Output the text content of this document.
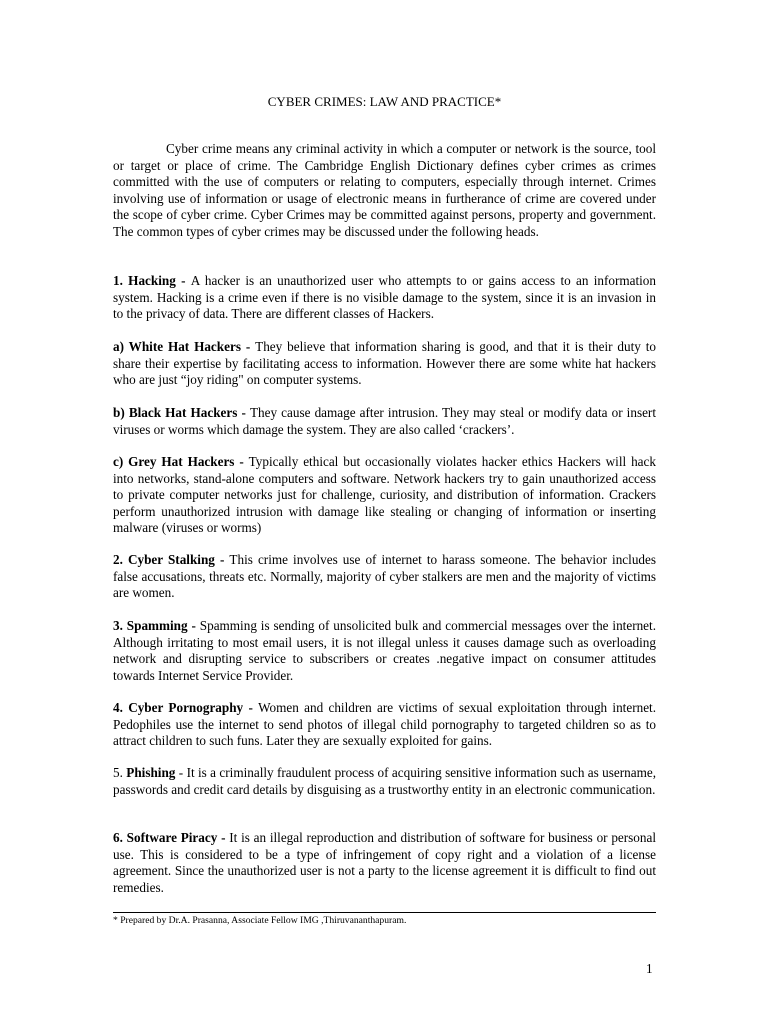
CYBER CRIMES: LAW AND PRACTICE*

Cyber crime means any criminal activity in which a computer or network is the source, tool or target or place of crime. The Cambridge English Dictionary defines cyber crimes as crimes committed with the use of computers or relating to computers, especially through internet. Crimes involving use of information or usage of electronic means in furtherance of crime are covered under the scope of cyber crime. Cyber Crimes may be committed against persons, property and government. The common types of cyber crimes may be discussed under the following heads.

1. Hacking - A hacker is an unauthorized user who attempts to or gains access to an information system. Hacking is a crime even if there is no visible damage to the system, since it is an invasion in to the privacy of data. There are different classes of Hackers.

a) White Hat Hackers - They believe that information sharing is good, and that it is their duty to share their expertise by facilitating access to information. However there are some white hat hackers who are just “joy riding" on computer systems.

b) Black Hat Hackers - They cause damage after intrusion. They may steal or modify data or insert viruses or worms which damage the system. They are also called ‘crackers’.

c) Grey Hat Hackers - Typically ethical but occasionally violates hacker ethics Hackers will hack into networks, stand-alone computers and software. Network hackers try to gain unauthorized access to private computer networks just for challenge, curiosity, and distribution of information. Crackers perform unauthorized intrusion with damage like stealing or changing of information or inserting malware (viruses or worms)

2. Cyber Stalking - This crime involves use of internet to harass someone. The behavior includes false accusations, threats etc. Normally, majority of cyber stalkers are men and the majority of victims are women.

3. Spamming - Spamming is sending of unsolicited bulk and commercial messages over the internet. Although irritating to most email users, it is not illegal unless it causes damage such as overloading network and disrupting service to subscribers or creates .negative impact on consumer attitudes towards Internet Service Provider.

4. Cyber Pornography - Women and children are victims of sexual exploitation through internet. Pedophiles use the internet to send photos of illegal child pornography to targeted children so as to attract children to such funs. Later they are sexually exploited for gains.

5. Phishing - It is a criminally fraudulent process of acquiring sensitive information such as username, passwords and credit card details by disguising as a trustworthy entity in an electronic communication.

6. Software Piracy - It is an illegal reproduction and distribution of software for business or personal use. This is considered to be a type of infringement of copy right and a violation of a license agreement. Since the unauthorized user is not a party to the license agreement it is difficult to find out remedies.

* Prepared by Dr.A. Prasanna, Associate Fellow IMG ,Thiruvananthapuram.

1
